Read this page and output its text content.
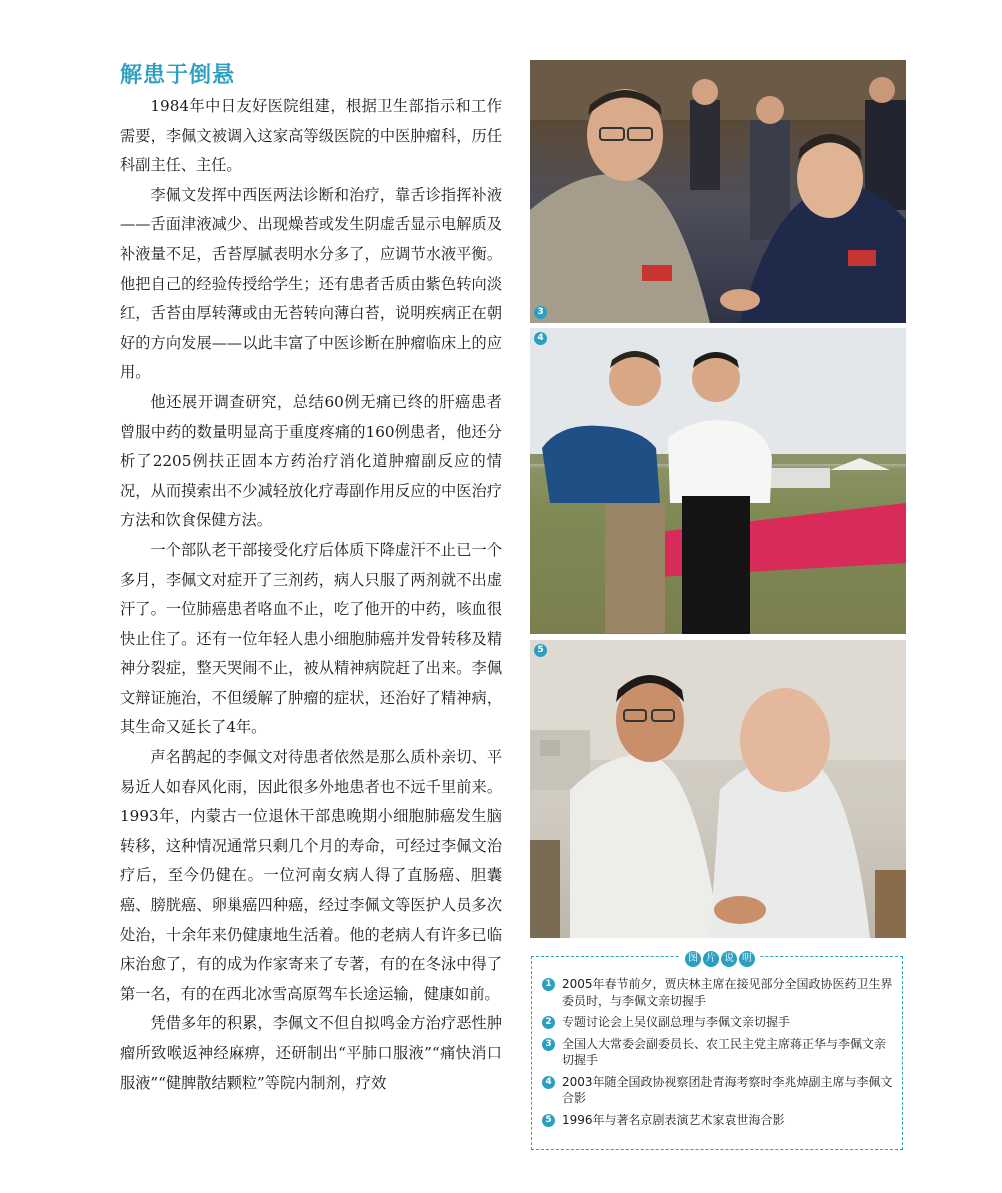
解患于倒悬

1984年中日友好医院组建，根据卫生部指示和工作需要，李佩文被调入这家高等级医院的中医肿瘤科，历任科副主任、主任。

李佩文发挥中西医两法诊断和治疗，靠舌诊指挥补液——舌面津液减少、出现燥苔或发生阴虚舌显示电解质及补液量不足，舌苔厚腻表明水分多了，应调节水液平衡。他把自己的经验传授给学生；还有患者舌质由紫色转向淡红，舌苔由厚转薄或由无苔转向薄白苔，说明疾病正在朝好的方向发展——以此丰富了中医诊断在肿瘤临床上的应用。

他还展开调查研究，总结60例无痛已终的肝癌患者曾服中药的数量明显高于重度疼痛的160例患者，他还分析了2205例扶正固本方药治疗消化道肿瘤副反应的情况，从而摸索出不少减轻放化疗毒副作用反应的中医治疗方法和饮食保健方法。

一个部队老干部接受化疗后体质下降虚汗不止已一个多月，李佩文对症开了三剂药，病人只服了两剂就不出虚汗了。一位肺癌患者咯血不止，吃了他开的中药，咳血很快止住了。还有一位年轻人患小细胞肺癌并发骨转移及精神分裂症，整天哭闹不止，被从精神病院赶了出来。李佩文辩证施治，不但缓解了肿瘤的症状，还治好了精神病，其生命又延长了4年。

声名鹊起的李佩文对待患者依然是那么质朴亲切、平易近人如春风化雨，因此很多外地患者也不远千里前来。1993年，内蒙古一位退休干部患晚期小细胞肺癌发生脑转移，这种情况通常只剩几个月的寿命，可经过李佩文治疗后，至今仍健在。一位河南女病人得了直肠癌、胆囊癌、膀胱癌、卵巢癌四种癌，经过李佩文等医护人员多次处治，十余年来仍健康地生活着。他的老病人有许多已临床治愈了，有的成为作家寄来了专著，有的在冬泳中得了第一名，有的在西北冰雪高原驾车长途运输，健康如前。

凭借多年的积累，李佩文不但自拟鸣金方治疗恶性肿瘤所致喉返神经麻痹，还研制出“平肺口服液”“痛快消口服液”“健脾散结颗粒”等院内制剂，疗效

3
4
5
图 片 说 明
1 2005年春节前夕，贾庆林主席在接见部分全国政协医药卫生界委员时，与李佩文亲切握手
2 专题讨论会上吴仪副总理与李佩文亲切握手
3 全国人大常委会副委员长、农工民主党主席蒋正华与李佩文亲切握手
4 2003年随全国政协视察团赴青海考察时李兆焯副主席与李佩文合影
5 1996年与著名京剧表演艺术家袁世海合影
